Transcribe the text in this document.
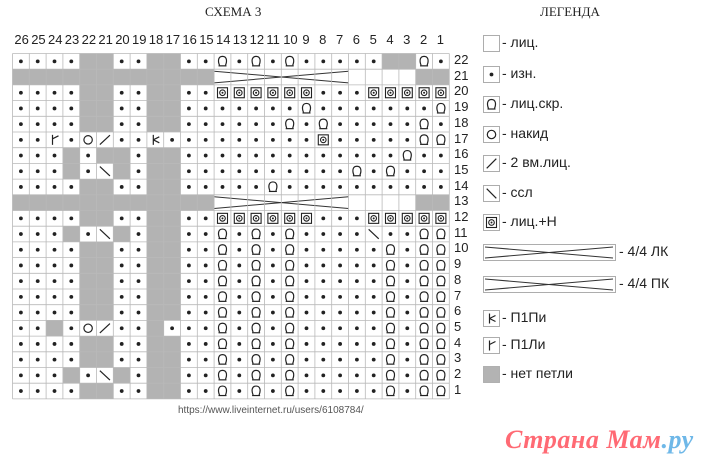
СХЕМА 3	ЛЕГЕНДА
26 25 24 23 22 21 20 19 18 17 16 15 14 13 12 11 10 9 8 7 6 5 4 3 2 1
22
21
20
19
18
17
16
15
14
13
12
11
10
9
8
7
6
5
4
3
2
1
- лиц.
- изн.
- лиц.скр.
- накид
- 2 вм.лиц.
- ссл
- лиц.+Н
- 4/4 ЛК
- 4/4 ПК
- П1Пи
- П1Ли
- нет петли
https://www.liveinternet.ru/users/6108784/
Страна Мам.ру
